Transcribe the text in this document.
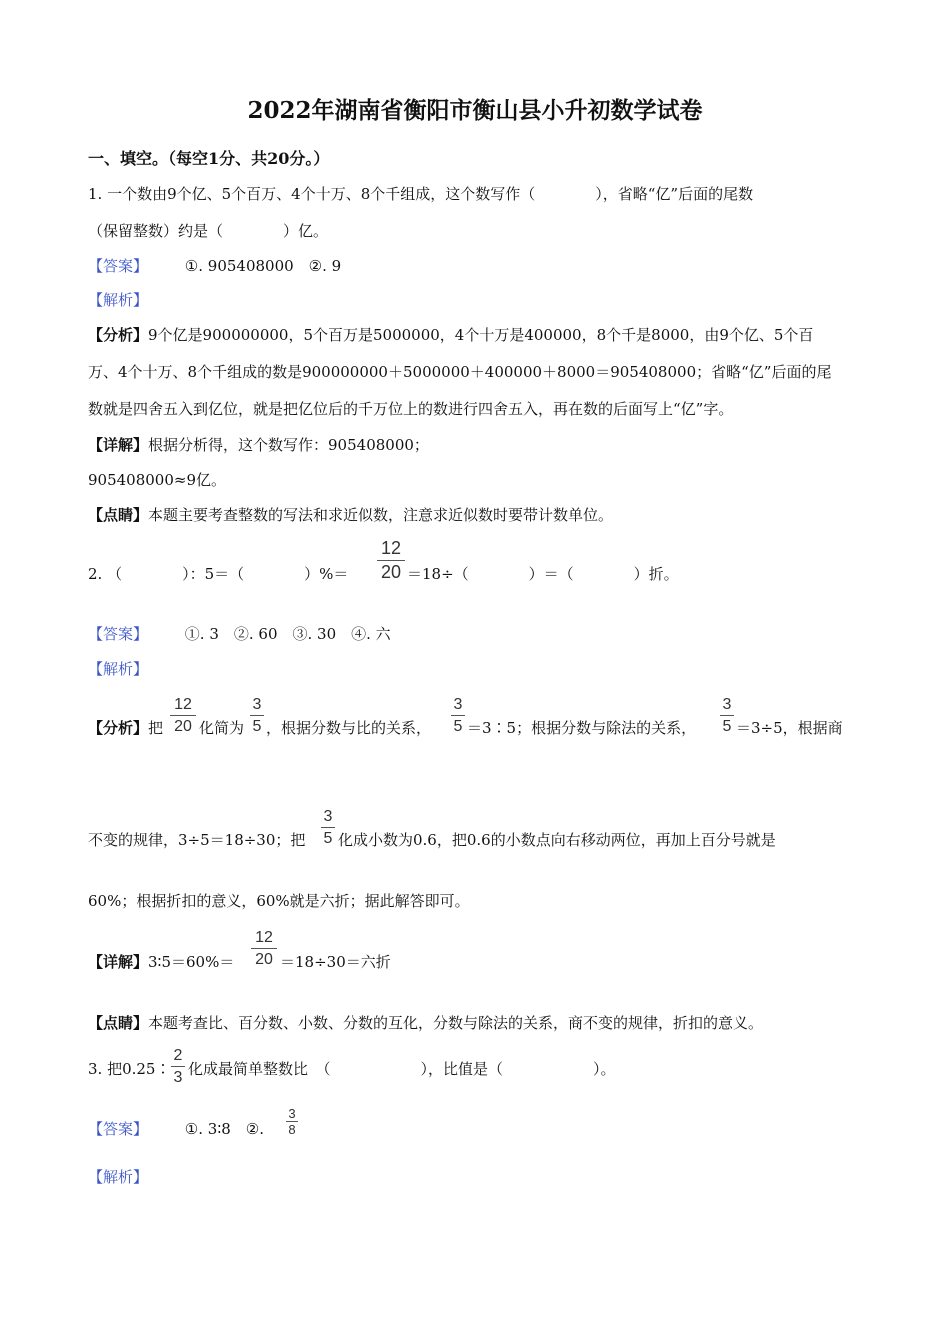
2022年湖南省衡阳市衡山县小升初数学试卷
一、填空。（每空1分、共20分。）
1. 一个数由9个亿、5个百万、4个十万、8个千组成，这个数写作（　　　　），省略“亿”后面的尾数
（保留整数）约是（　　　　）亿。
【答案】 ①. 905408000　②. 9
【解析】
【分析】9个亿是900000000，5个百万是5000000，4个十万是400000，8个千是8000，由9个亿、5个百
万、4个十万、8个千组成的数是900000000＋5000000＋400000＋8000＝905408000；省略“亿”后面的尾
数就是四舍五入到亿位，就是把亿位后的千万位上的数进行四舍五入，再在数的后面写上“亿”字。
【详解】根据分析得，这个数写作：905408000；
905408000≈9亿。
【点睛】本题主要考查整数的写法和求近似数，注意求近似数时要带计数单位。
2. （　　　　）：5＝（　　　　）%＝ $\frac{12}{20} =18\div$（　　　　）＝（　　　　）折。
【答案】 ①. 3　②. 60　③. 30　④. 六
【解析】
【分析】把 $\frac{12}{20}$ 化简为 $\frac{3}{5}$ ，根据分数与比的关系， $\frac{3}{5}$ ＝3∶5；根据分数与除法的关系， $\frac{3}{5} =3\div 5$，根据商
不变的规律，3÷5＝18÷30；把 $\frac{3}{5}$ 化成小数为0.6，把0.6的小数点向右移动两位，再加上百分号就是
60%；根据折扣的意义，60%就是六折；据此解答即可。
【详解】3∶5＝60%＝ $\frac{12}{20} =18\div 30=$六折
【点睛】本题考查比、百分数、小数、分数的互化，分数与除法的关系，商不变的规律，折扣的意义。
3. 把0.25∶ $\frac{2}{3}$ 化成最简单整数比　（　　　　　　），比值是（　　　　　　）。
【答案】 ①. 3∶8　②. $\frac{3}{8}$
【解析】
